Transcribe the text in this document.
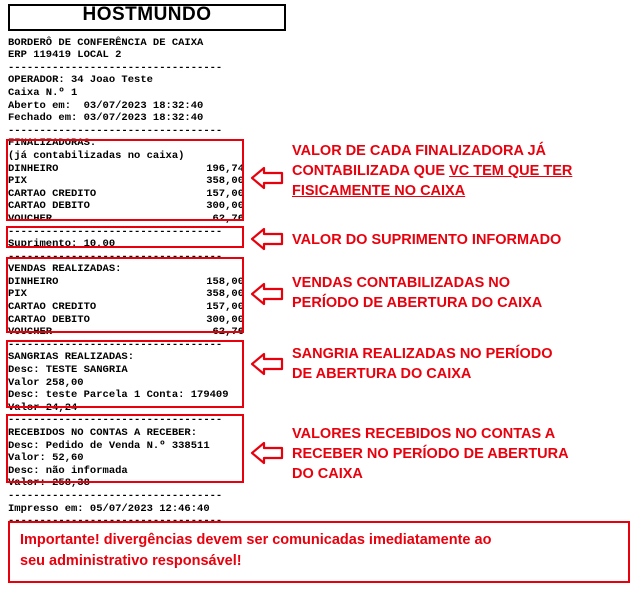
HOSTMUNDO
BORDERÔ DE CONFERÊNCIA DE CAIXA
ERP 119419 LOCAL 2
----------------------------------
OPERADOR: 34 Joao Teste
Caixa N.º 1
Aberto em:  03/07/2023 18:32:40
Fechado em: 03/07/2023 18:32:40
----------------------------------
FINALIZADORAS:
(já contabilizadas no caixa)
DINHEIRO	196,74
PIX	358,00
CARTAO CREDITO	157,00
CARTAO DEBITO	300,00
VOUCHER	62,76
----------------------------------
Suprimento: 10,00
----------------------------------
VENDAS REALIZADAS:
DINHEIRO	158,00
PIX	358,00
CARTAO CREDITO	157,00
CARTAO DEBITO	300,00
VOUCHER	62,76
----------------------------------
SANGRIAS REALIZADAS:
Desc: TESTE SANGRIA
Valor 258,00
Desc: teste Parcela 1 Conta: 179409
Valor 24,24
----------------------------------
RECEBIDOS NO CONTAS A RECEBER:
Desc: Pedido de Venda N.º 338511
Valor: 52,60
Desc: não informada
Valor: 258,38
----------------------------------
Impresso em: 05/07/2023 12:46:40
----------------------------------
VALOR DE CADA FINALIZADORA JÁ
CONTABILIZADA QUE VC TEM QUE TER
FISICAMENTE NO CAIXA
VALOR DO SUPRIMENTO INFORMADO
VENDAS CONTABILIZADAS NO
PERÍODO DE ABERTURA DO CAIXA
SANGRIA REALIZADAS NO PERÍODO
DE ABERTURA DO CAIXA
VALORES RECEBIDOS NO CONTAS A
RECEBER NO PERÍODO DE ABERTURA
DO CAIXA
Importante! divergências devem ser comunicadas imediatamente ao
seu administrativo responsável!
